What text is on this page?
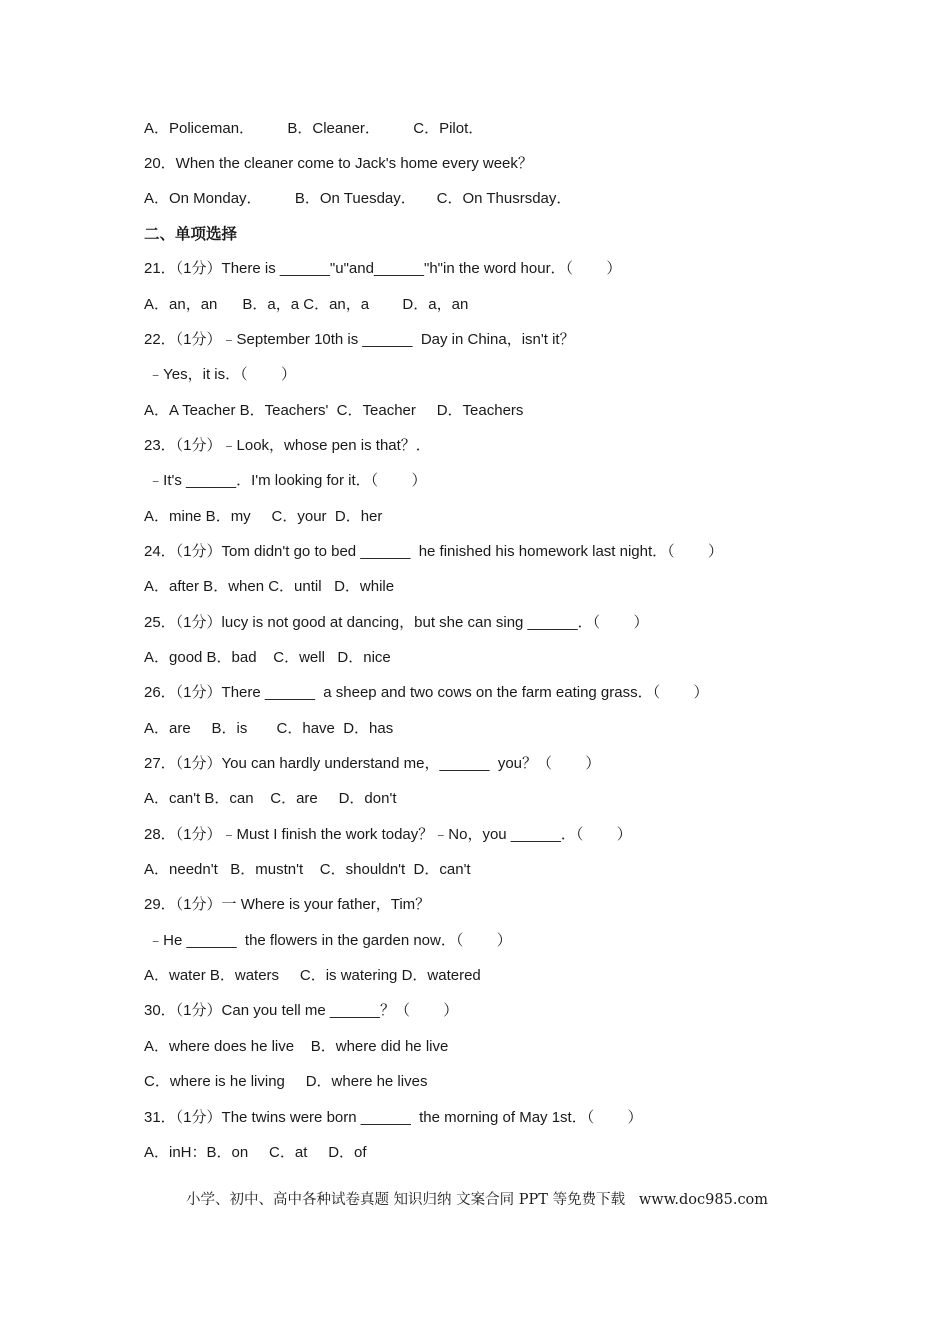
A．Policeman．        B．Cleaner．        C．Pilot．
20．When the cleaner come to Jack's home every week？
A．On Monday．        B．On Tuesday．     C．On Thusrsday．
二、单项选择
21．（1分）There is ______"u"and______"h"in the word hour．（        ）
A．an，an      B．a，a C．an，a        D．a，an
22．（1分）﹣September 10th is ______  Day in China，isn't it？
﹣Yes，it is．（        ）
A．A Teacher B．Teachers'  C．Teacher     D．Teachers
23．（1分）﹣Look，whose pen is that？．
﹣It's ______．I'm looking for it．（        ）
A．mine B．my     C．your  D．her
24．（1分）Tom didn't go to bed ______  he finished his homework last night．（        ）
A．after B．when C．until   D．while
25．（1分）lucy is not good at dancing，but she can sing ______．（        ）
A．good B．bad    C．well   D．nice
26．（1分）There ______  a sheep and two cows on the farm eating grass．（        ）
A．are     B．is       C．have  D．has
27．（1分）You can hardly understand me，______  you？（        ）
A．can't B．can    C．are     D．don't
28．（1分）﹣Must I finish the work today？﹣No，you ______．（        ）
A．needn't   B．mustn't    C．shouldn't  D．can't
29．（1分）一 Where is your father，Tim？
﹣He ______  the flowers in the garden now．（        ）
A．water B．waters     C．is watering D．watered
30．（1分）Can you tell me ______？（        ）
A．where does he live    B．where did he live
C．where is he living     D．where he lives
31．（1分）The twins were born ______  the morning of May 1st．（        ）
A．inH：B．on     C．at     D．of
小学、初中、高中各种试卷真题 知识归纳 文案合同 PPT 等免费下载   www.doc985.com
